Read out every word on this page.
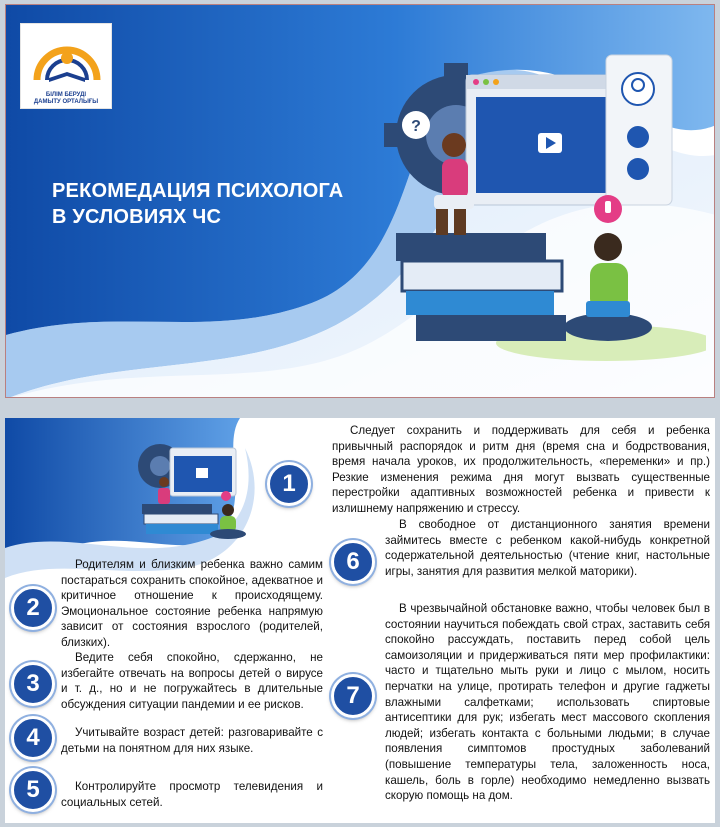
БІЛІМ БЕРУДІ
ДАМЫТУ ОРТАЛЫҒЫ
РЕКОМЕДАЦИЯ ПСИХОЛОГА
В УСЛОВИЯХ ЧС
?
1
2
3
4
5
6
7
Следует сохранить и поддерживать для себя и ребенка привычный распорядок и ритм дня (время сна и бодрствования, время начала уроков, их продолжительность, «переменки» и пр.) Резкие изменения режима дня могут вызвать существенные перестройки адаптивных возможностей ребенка и привести к излишнему напряжению и стрессу.
В свободное от дистанционного занятия времени займитесь вместе с ребенком какой-нибудь конкретной содержательной деятельностью (чтение книг, настольные игры, занятия для развития мелкой маторики).
В чрезвычайной обстановке важно, чтобы человек был в состоянии научиться побеждать свой страх, заставить себя спокойно рассуждать, поставить перед собой цель самоизоляции и придерживаться пяти мер профилактики: часто и тщательно мыть руки и лицо с мылом, носить перчатки на улице, протирать телефон и другие гаджеты влажными салфетками; использовать спиртовые антисептики для рук; избегать мест массового скопления людей; избегать контакта с больными людьми; в случае появления симптомов простудных заболеваний (повышение температуры тела, заложенность носа, кашель, боль в горле) необходимо немедленно вызвать скорую помощь на дом.
Родителям и близким ребенка важно самим постараться сохранить спокойное, адекватное и критичное отношение к происходящему. Эмоциональное состояние ребенка напрямую зависит от состояния взрослого (родителей, близких).
Ведите себя спокойно, сдержанно, не избегайте отвечать на вопросы детей о вирусе и т. д., но и не погружайтесь в длительные обсуждения ситуации пандемии и ее рисков.
Учитывайте возраст детей: разговаривайте с детьми на понятном для них языке.
Контролируйте просмотр телевидения и социальных сетей.
